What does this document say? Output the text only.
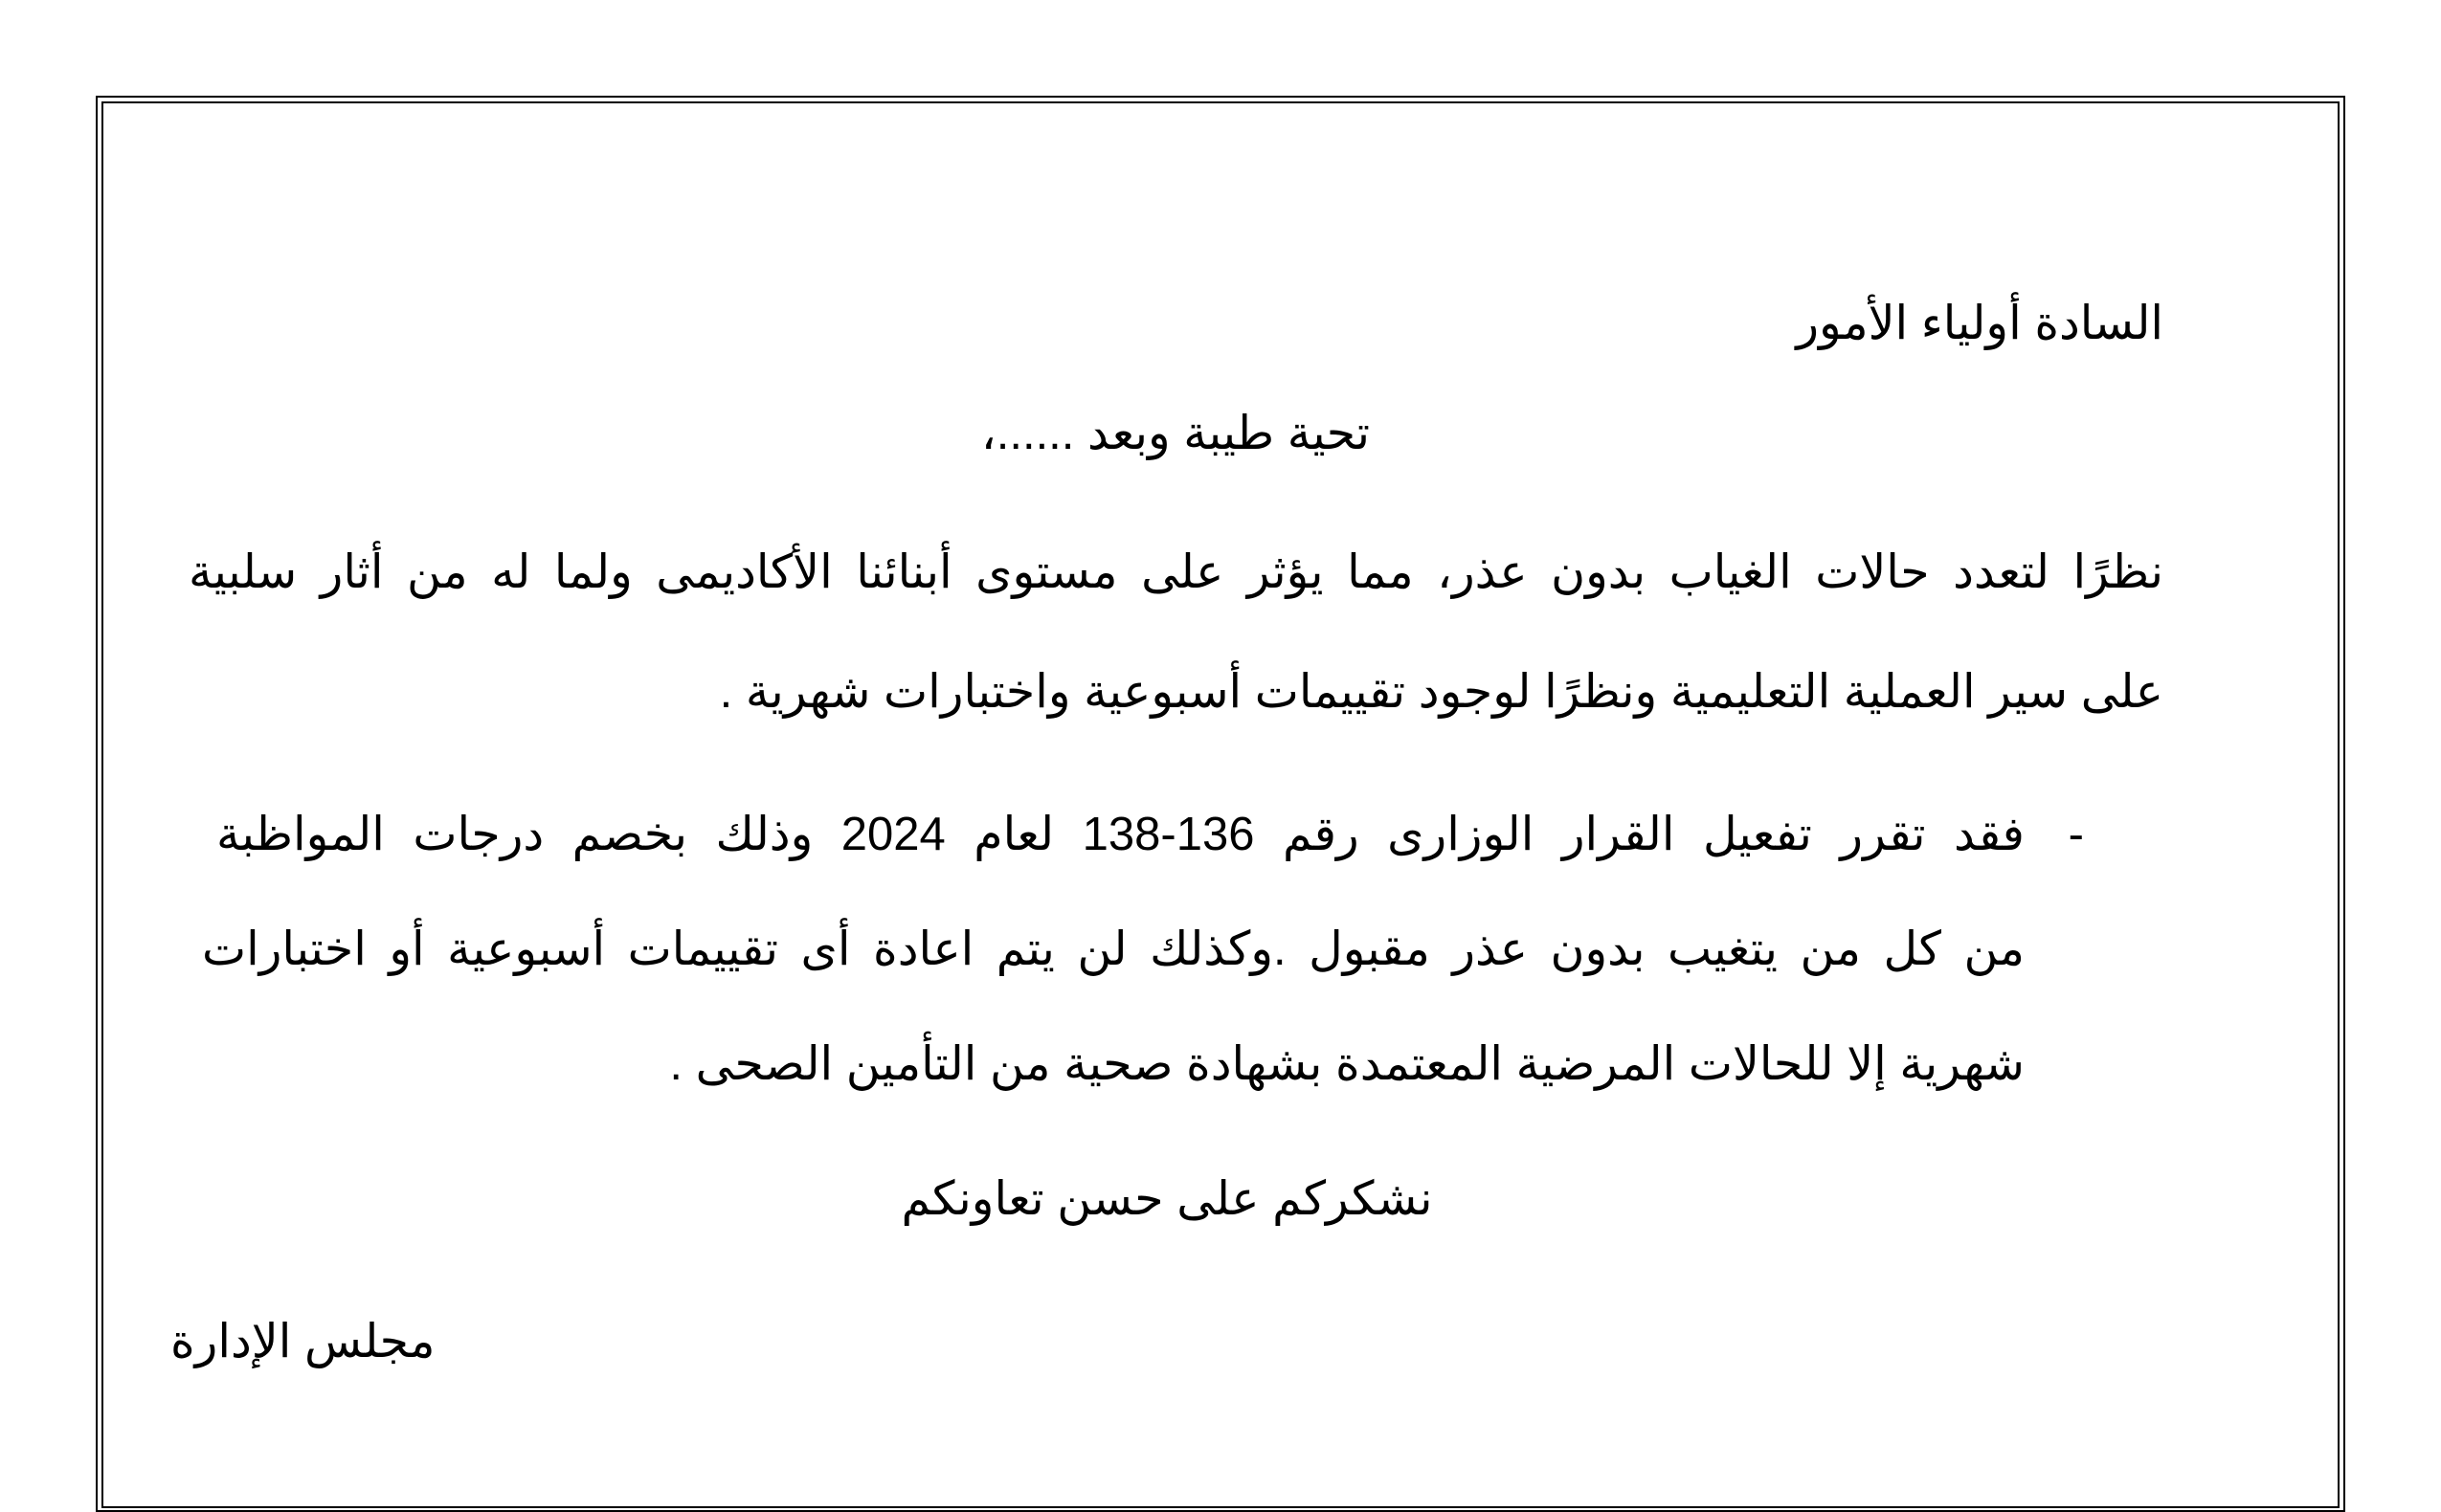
السادة أولياء الأمور
تحية طيبة وبعد ......،
نظرًا لتعدد حالات الغياب بدون عذر، مما يؤثر على مستوى أبنائنا الأكاديمى ولما له من أثار سلبية
على سير العملية التعليمية ونظرًا لوجود تقييمات أسبوعية واختبارات شهرية .
-
فقد تقرر تفعيل القرار الوزارى رقم 136-138 لعام 2024 وذلك بخصم درجات المواظبة
من كل من يتغيب بدون عذر مقبول .وكذلك لن يتم اعادة أى تقييمات أسبوعية أو اختبارات
شهرية إلا للحالات المرضية المعتمدة بشهادة صحية من التأمين الصحى .
نشكركم على حسن تعاونكم
مجلس الإدارة
